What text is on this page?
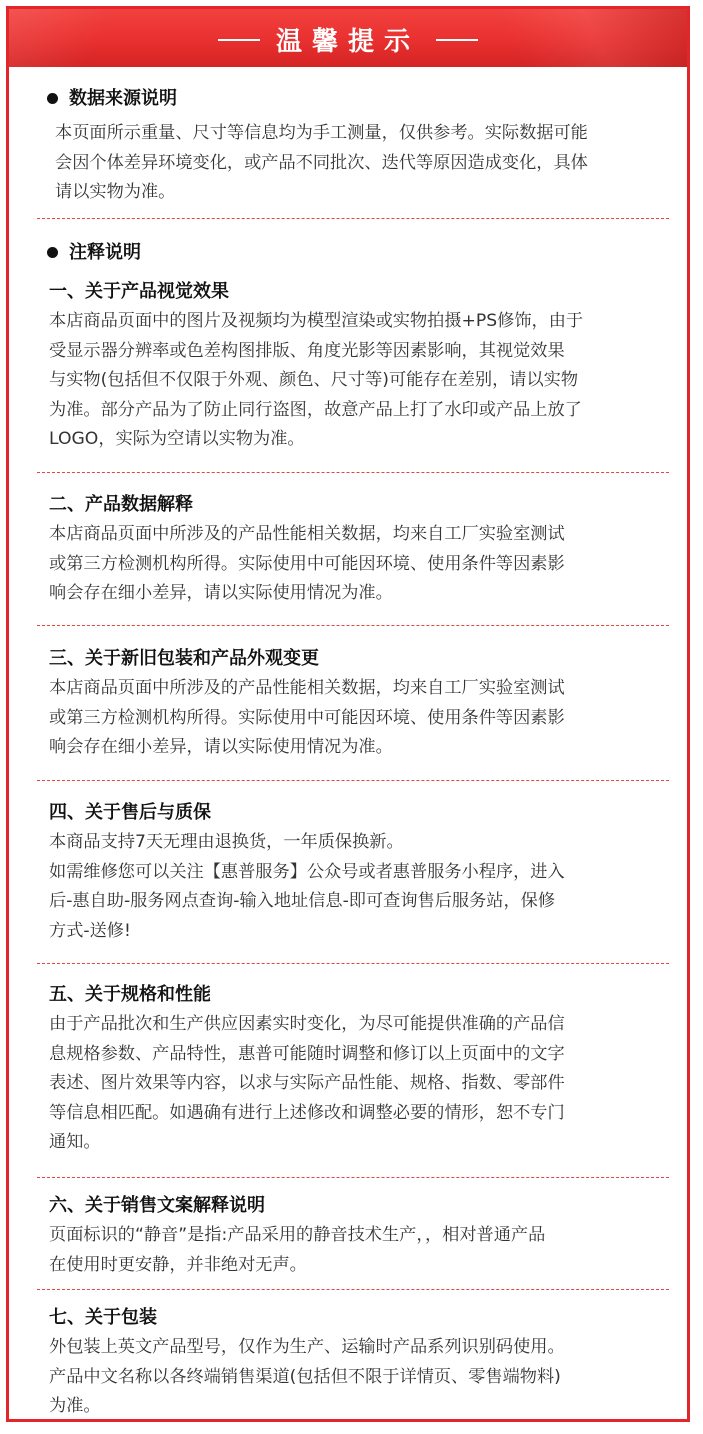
温馨提示
数据来源说明
本页面所示重量、尺寸等信息均为手工测量，仅供参考。实际数据可能
会因个体差异环境变化，或产品不同批次、迭代等原因造成变化，具体
请以实物为准。
注释说明
一、关于产品视觉效果
本店商品页面中的图片及视频均为模型渲染或实物拍摄+PS修饰，由于
受显示器分辨率或色差构图排版、角度光影等因素影响，其视觉效果
与实物(包括但不仅限于外观、颜色、尺寸等)可能存在差别，请以实物
为准。部分产品为了防止同行盗图，故意产品上打了水印或产品上放了
LOGO，实际为空请以实物为准。
二、产品数据解释
本店商品页面中所涉及的产品性能相关数据，均来自工厂实验室测试
或第三方检测机构所得。实际使用中可能因环境、使用条件等因素影
响会存在细小差异，请以实际使用情况为准。
三、关于新旧包装和产品外观变更
本店商品页面中所涉及的产品性能相关数据，均来自工厂实验室测试
或第三方检测机构所得。实际使用中可能因环境、使用条件等因素影
响会存在细小差异，请以实际使用情况为准。
四、关于售后与质保
本商品支持7天无理由退换货，一年质保换新。
如需维修您可以关注【惠普服务】公众号或者惠普服务小程序，进入
后-惠自助-服务网点查询-输入地址信息-即可查询售后服务站，保修
方式-送修!
五、关于规格和性能
由于产品批次和生产供应因素实时变化，为尽可能提供准确的产品信
息规格参数、产品特性，惠普可能随时调整和修订以上页面中的文字
表述、图片效果等内容，以求与实际产品性能、规格、指数、零部件
等信息相匹配。如遇确有进行上述修改和调整必要的情形，恕不专门
通知。
六、关于销售文案解释说明
页面标识的“静音”是指:产品采用的静音技术生产，，相对普通产品
在使用时更安静，并非绝对无声。
七、关于包装
外包装上英文产品型号，仅作为生产、运输时产品系列识别码使用。
产品中文名称以各终端销售渠道(包括但不限于详情页、零售端物料)
为准。
